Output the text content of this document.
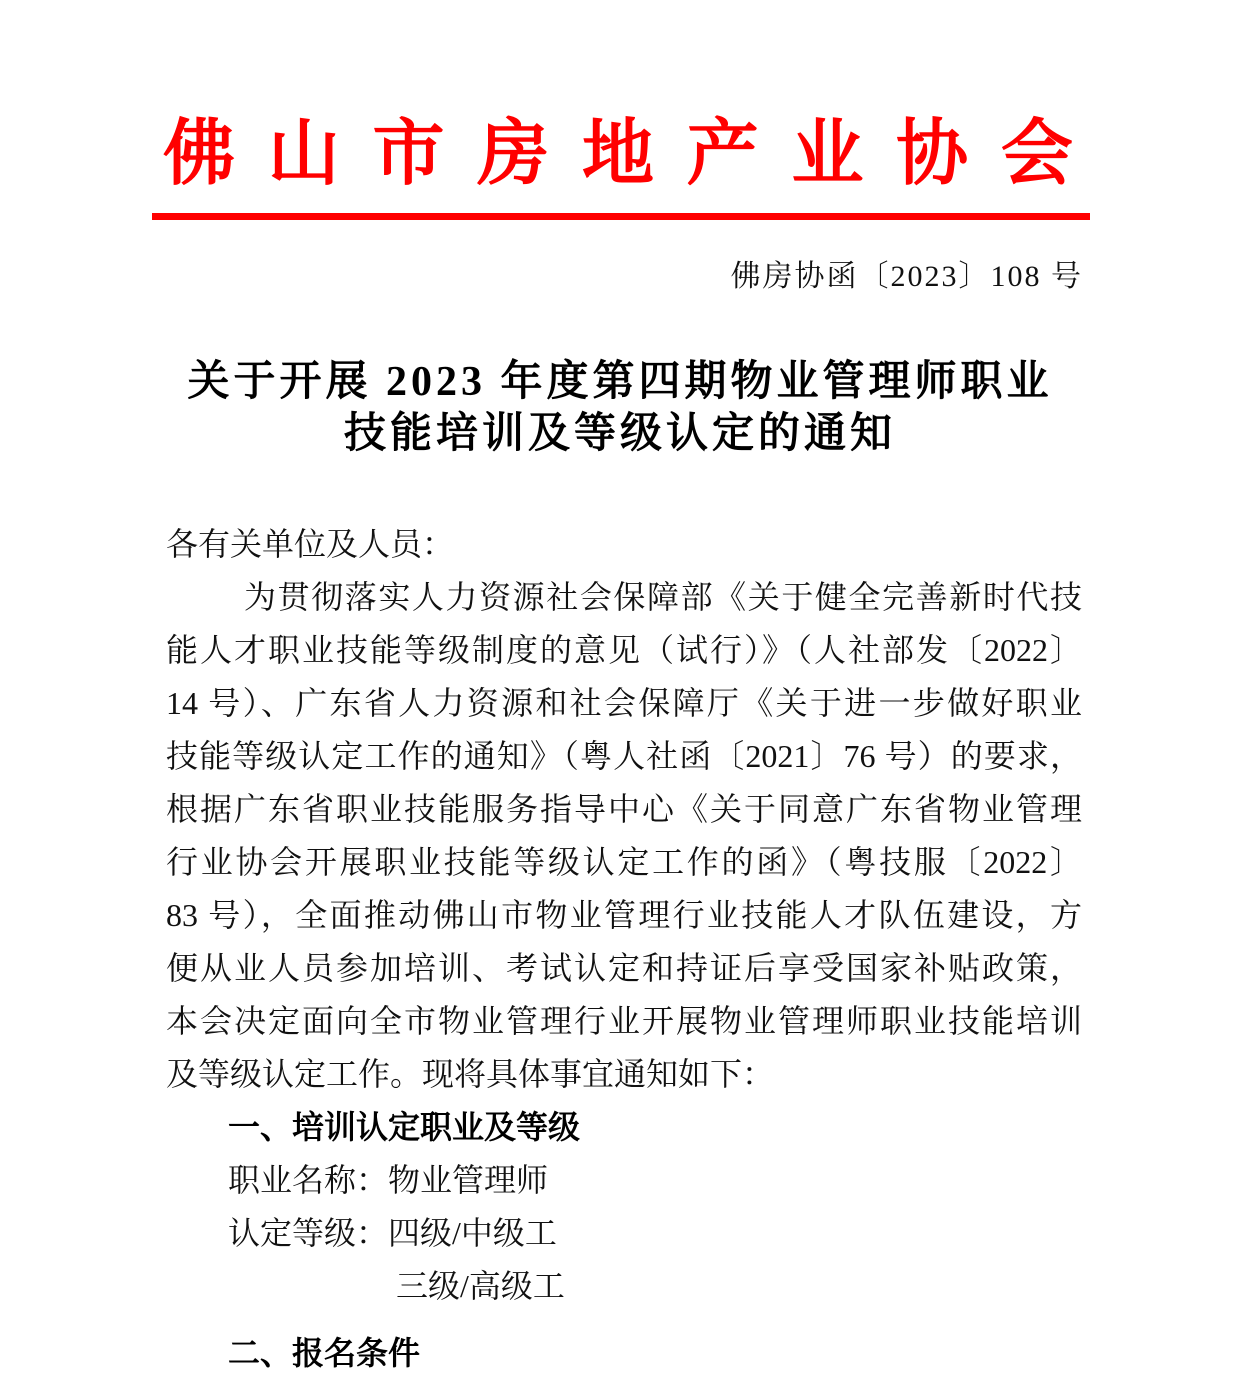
佛 山 市 房 地 产 业 协 会
佛房协函〔2023〕108 号
关于开展 2023 年度第四期物业管理师职业
技能培训及等级认定的通知
各有关单位及人员：
为贯彻落实人力资源社会保障部《关于健全完善新时代技
能人才职业技能等级制度的意见（试行）》（人社部发〔2022〕
14 号）、广东省人力资源和社会保障厅《关于进一步做好职业
技能等级认定工作的通知》（粤人社函〔2021〕76 号）的要求，
根据广东省职业技能服务指导中心《关于同意广东省物业管理
行业协会开展职业技能等级认定工作的函》（粤技服〔2022〕
83 号），全面推动佛山市物业管理行业技能人才队伍建设，方
便从业人员参加培训、考试认定和持证后享受国家补贴政策，
本会决定面向全市物业管理行业开展物业管理师职业技能培训
及等级认定工作。现将具体事宜通知如下：
一、培训认定职业及等级
职业名称：物业管理师
认定等级：四级/中级工
三级/高级工
二、报名条件
